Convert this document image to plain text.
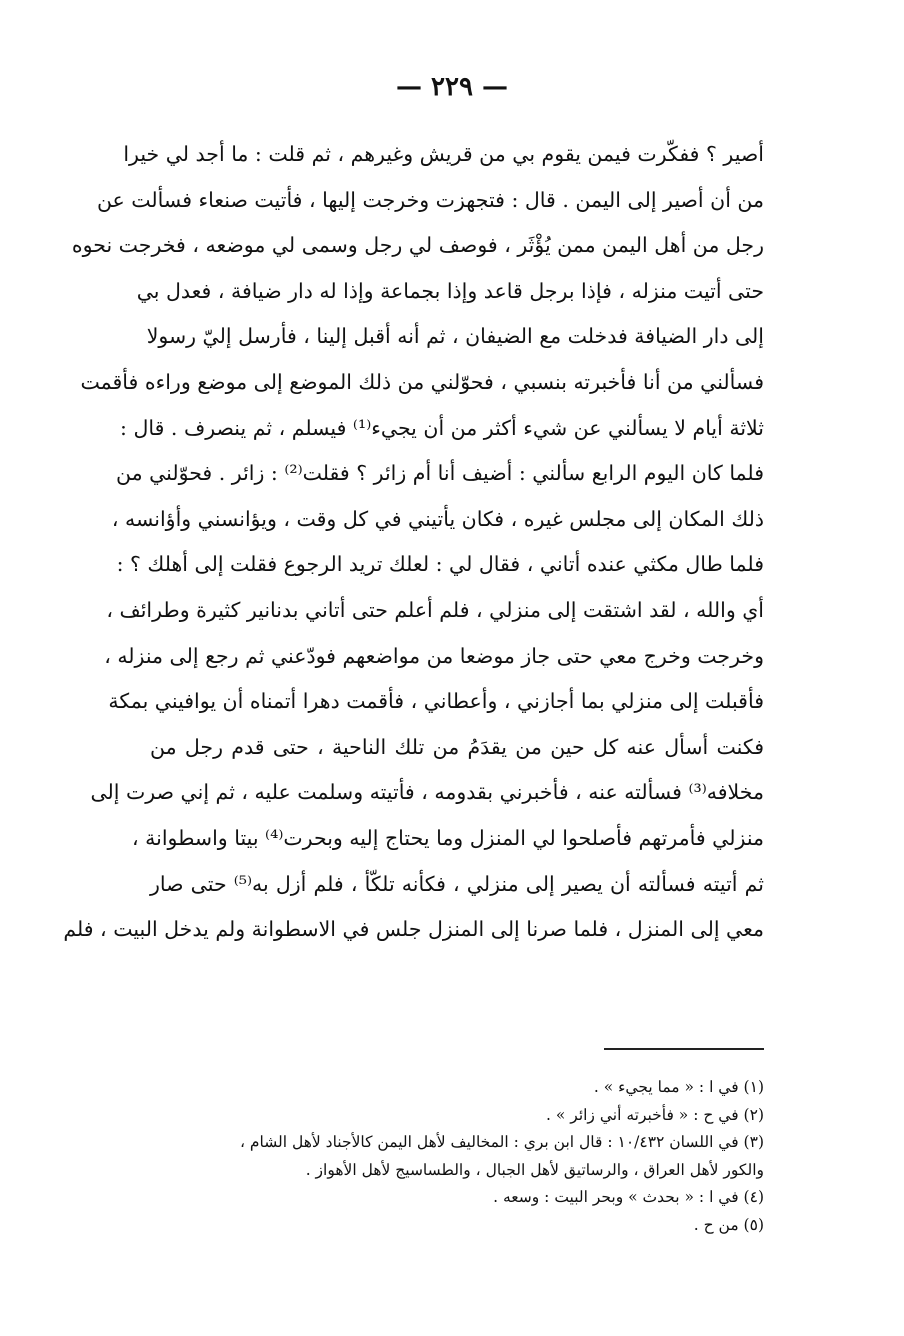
— ٢٢٩ —
أصير ؟ ففكّرت فيمن يقوم بي من قريش وغيرهم ، ثم قلت : ما أجد لي خيرا
من أن أصير إلى اليمن . قال : فتجهزت وخرجت إليها ، فأتيت صنعاء فسألت عن
رجل من أهل اليمن ممن يُؤْثَر ، فوصف لي رجل وسمى لي موضعه ، فخرجت نحوه
حتى أتيت منزله ، فإذا برجل قاعد وإذا بجماعة وإذا له دار ضيافة ، فعدل بي
إلى دار الضيافة فدخلت مع الضيفان ، ثم أنه أقبل إلينا ، فأرسل إليّ رسولا
فسألني من أنا فأخبرته بنسبي ، فحوّلني من ذلك الموضع إلى موضع وراءه فأقمت
ثلاثة أيام لا يسألني عن شيء أكثر من أن يجيء⁽¹⁾ فيسلم ، ثم ينصرف . قال :
فلما كان اليوم الرابع سألني : أضيف أنا أم زائر ؟ فقلت⁽²⁾ : زائر . فحوّلني من
ذلك المكان إلى مجلس غيره ، فكان يأتيني في كل وقت ، ويؤانسني وأؤانسه ،
فلما طال مكثي عنده أتاني ، فقال لي : لعلك تريد الرجوع فقلت إلى أهلك ؟ :
أي والله ، لقد اشتقت إلى منزلي ، فلم أعلم حتى أتاني بدنانير كثيرة وطرائف ،
وخرجت وخرج معي حتى جاز موضعا من مواضعهم فودّعني ثم رجع إلى منزله ،
فأقبلت إلى منزلي بما أجازني ، وأعطاني ، فأقمت دهرا أتمناه أن يوافيني بمكة
فكنت أسأل عنه كل حين من يقدَمُ من تلك الناحية ، حتى قدم رجل من
مخلافه⁽³⁾ فسألته عنه ، فأخبرني بقدومه ، فأتيته وسلمت عليه ، ثم إني صرت إلى
منزلي فأمرتهم فأصلحوا لي المنزل وما يحتاج إليه وبحرت⁽⁴⁾ بيتا واسطوانة ،
ثم أتيته فسألته أن يصير إلى منزلي ، فكأنه تلكّأ ، فلم أزل به⁽⁵⁾ حتى صار
معي إلى المنزل ، فلما صرنا إلى المنزل جلس في الاسطوانة ولم يدخل البيت ، فلم
(١) في ا : « مما يجيء » .
(٢) في ح : « فأخبرته أني زائر » .
(٣) في اللسان ١٠/٤٣٢ : قال ابن بري : المخاليف لأهل اليمن كالأجناد لأهل الشام ،
والكور لأهل العراق ، والرساتيق لأهل الجبال ، والطساسيج لأهل الأهواز .
(٤) في ا : « بحدث » وبحر البيت : وسعه .
(٥) من ح .
